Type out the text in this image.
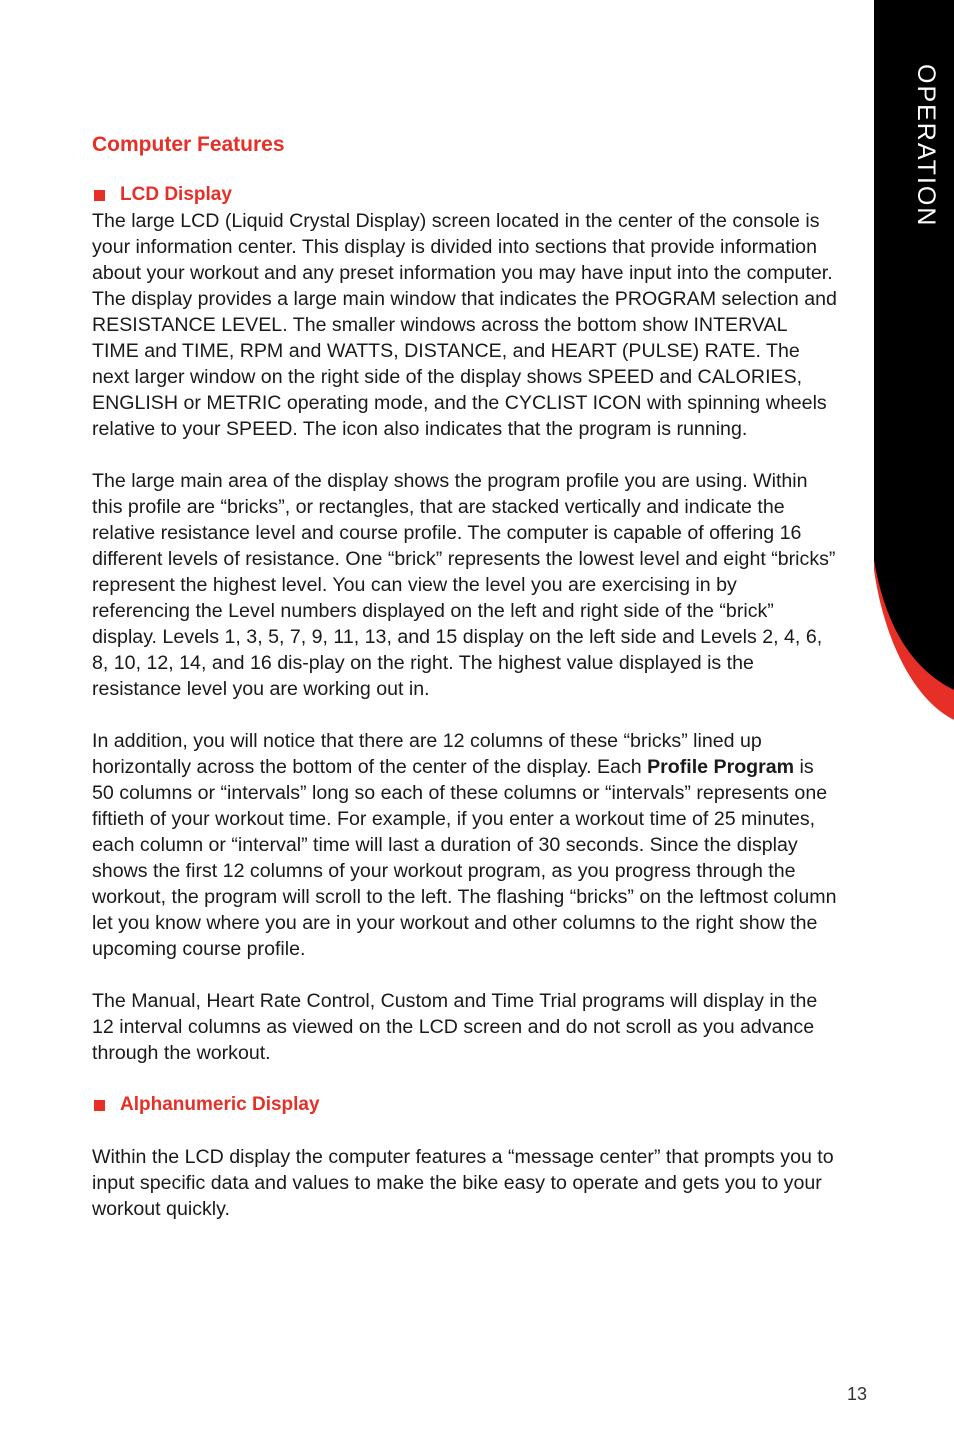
OPERATION
Computer Features
LCD Display

The large LCD (Liquid Crystal Display) screen located in the center of the console is your information center. This display is divided into sections that provide information about your workout and any preset information you may have input into the computer. The display provides a large main window that indicates the PROGRAM selection and RESISTANCE LEVEL. The smaller windows across the bottom show INTERVAL TIME and TIME, RPM and WATTS, DISTANCE, and HEART (PULSE) RATE. The next larger window on the right side of the display shows SPEED and CALORIES, ENGLISH or METRIC operating mode, and the CYCLIST ICON with spinning wheels relative to your SPEED. The icon also indicates that the program is running.

The large main area of the display shows the program profile you are using. Within this profile are “bricks”, or rectangles, that are stacked vertically and indicate the relative resistance level and course profile. The computer is capable of offering 16 different levels of resistance. One “brick” represents the lowest level and eight “bricks” represent the highest level. You can view the level you are exercising in by referencing the Level numbers displayed on the left and right side of the “brick” display. Levels 1, 3, 5, 7, 9, 11, 13, and 15 display on the left side and Levels 2, 4, 6, 8, 10, 12, 14, and 16 dis-play on the right. The highest value displayed is the resistance level you are working out in.

In addition, you will notice that there are 12 columns of these “bricks” lined up horizontally across the bottom of the center of the display. Each Profile Program is 50 columns or “intervals” long so each of these columns or “intervals” represents one fiftieth of your workout time. For example, if you enter a workout time of 25 minutes, each column or “interval” time will last a duration of 30 seconds. Since the display shows the first 12 columns of your workout program, as you progress through the workout, the program will scroll to the left. The flashing “bricks” on the leftmost column let you know where you are in your workout and other columns to the right show the upcoming course profile.

The Manual, Heart Rate Control, Custom and Time Trial programs will display in the 12 interval columns as viewed on the LCD screen and do not scroll as you advance through the workout.

Alphanumeric Display

Within the LCD display the computer features a “message center” that prompts you to input specific data and values to make the bike easy to operate and gets you to your workout quickly.

13
